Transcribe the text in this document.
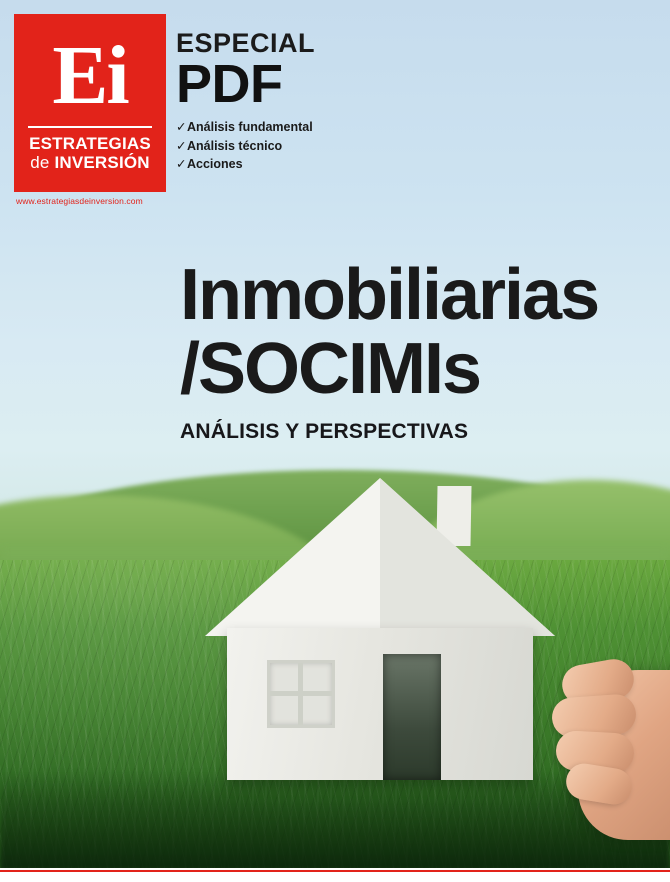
Ei
ESTRATEGIAS
de INVERSIÓN
www.estrategiasdeinversion.com
ESPECIAL
PDF
✓Análisis fundamental
✓Análisis técnico
✓Acciones
Inmobiliarias
/SOCIMIs
ANÁLISIS Y PERSPECTIVAS
